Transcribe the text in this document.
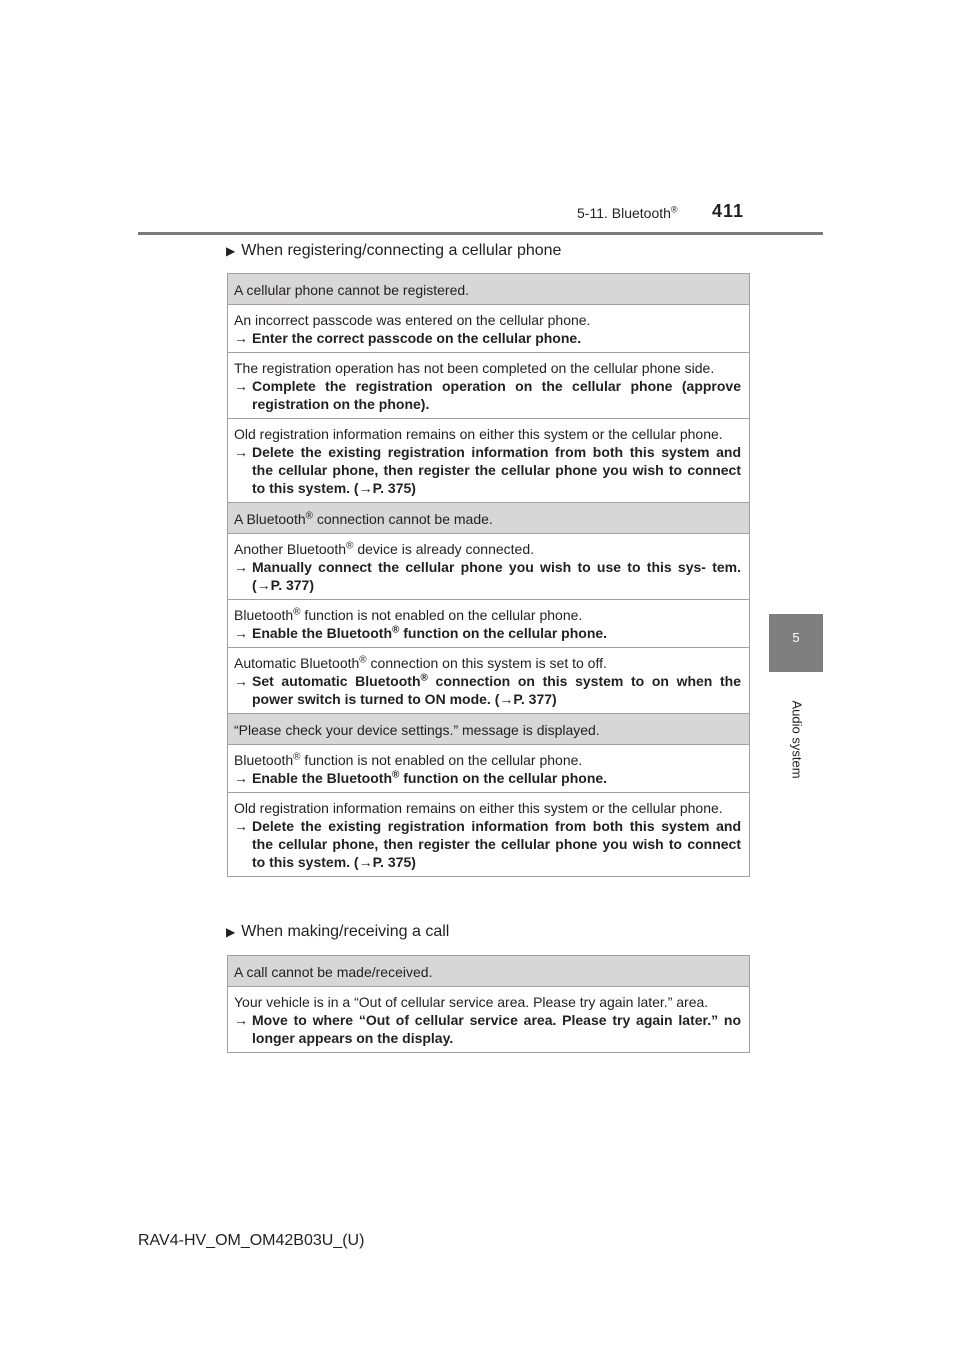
5-11. Bluetooth® 411
5
Audio system
▶ When registering/connecting a cellular phone
A cellular phone cannot be registered.
An incorrect passcode was entered on the cellular phone.
→ Enter the correct passcode on the cellular phone.
The registration operation has not been completed on the cellular phone side.
→ Complete the registration operation on the cellular phone (approve registration on the phone).
Old registration information remains on either this system or the cellular phone.
→ Delete the existing registration information from both this system and the cellular phone, then register the cellular phone you wish to connect to this system. (→P. 375)
A Bluetooth® connection cannot be made.
Another Bluetooth® device is already connected.
→ Manually connect the cellular phone you wish to use to this sys- tem. (→P. 377)
Bluetooth® function is not enabled on the cellular phone.
→ Enable the Bluetooth® function on the cellular phone.
Automatic Bluetooth® connection on this system is set to off.
→ Set automatic Bluetooth® connection on this system to on when the power switch is turned to ON mode. (→P. 377)
“Please check your device settings.” message is displayed.
Bluetooth® function is not enabled on the cellular phone.
→ Enable the Bluetooth® function on the cellular phone.
Old registration information remains on either this system or the cellular phone.
→ Delete the existing registration information from both this system and the cellular phone, then register the cellular phone you wish to connect to this system. (→P. 375)
▶ When making/receiving a call
A call cannot be made/received.
Your vehicle is in a “Out of cellular service area. Please try again later.” area.
→ Move to where “Out of cellular service area. Please try again later.” no longer appears on the display.
RAV4-HV_OM_OM42B03U_(U)
